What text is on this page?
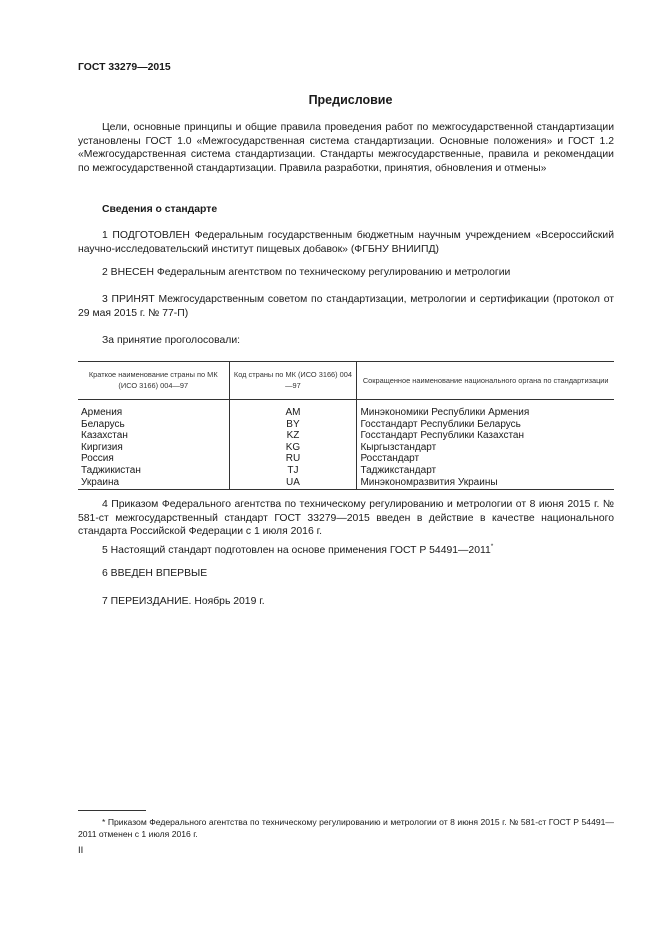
ГОСТ 33279—2015
Предисловие
Цели, основные принципы и общие правила проведения работ по межгосударственной стандартизации установлены ГОСТ 1.0 «Межгосударственная система стандартизации. Основные положения» и ГОСТ 1.2 «Межгосударственная система стандартизации. Стандарты межгосударственные, правила и рекомендации по межгосударственной стандартизации. Правила разработки, принятия, обновления и отмены»
Сведения о стандарте
1 ПОДГОТОВЛЕН Федеральным государственным бюджетным научным учреждением «Всероссийский научно-исследовательский институт пищевых добавок» (ФГБНУ ВНИИПД)
2 ВНЕСЕН Федеральным агентством по техническому регулированию и метрологии
3 ПРИНЯТ Межгосударственным советом по стандартизации, метрологии и сертификации (протокол от 29 мая 2015 г. № 77-П)
За принятие проголосовали:
Краткое наименование страны по МК (ИСО 3166) 004—97	Код страны по МК (ИСО 3166) 004—97	Сокращенное наименование национального органа по стандартизации
Армения	AM	Минэкономики Республики Армения
Беларусь	BY	Госстандарт Республики Беларусь
Казахстан	KZ	Госстандарт Республики Казахстан
Киргизия	KG	Кыргызстандарт
Россия	RU	Росстандарт
Таджикистан	TJ	Таджикстандарт
Украина	UA	Минэкономразвития Украины
4 Приказом Федерального агентства по техническому регулированию и метрологии от 8 июня 2015 г. № 581-ст межгосударственный стандарт ГОСТ 33279—2015 введен в действие в качестве национального стандарта Российской Федерации с 1 июля 2016 г.
5 Настоящий стандарт подготовлен на основе применения ГОСТ Р 54491—2011*
6 ВВЕДЕН ВПЕРВЫЕ
7 ПЕРЕИЗДАНИЕ. Ноябрь 2019 г.
* Приказом Федерального агентства по техническому регулированию и метрологии от 8 июня 2015 г. № 581-ст ГОСТ Р 54491—2011 отменен с 1 июля 2016 г.
II
